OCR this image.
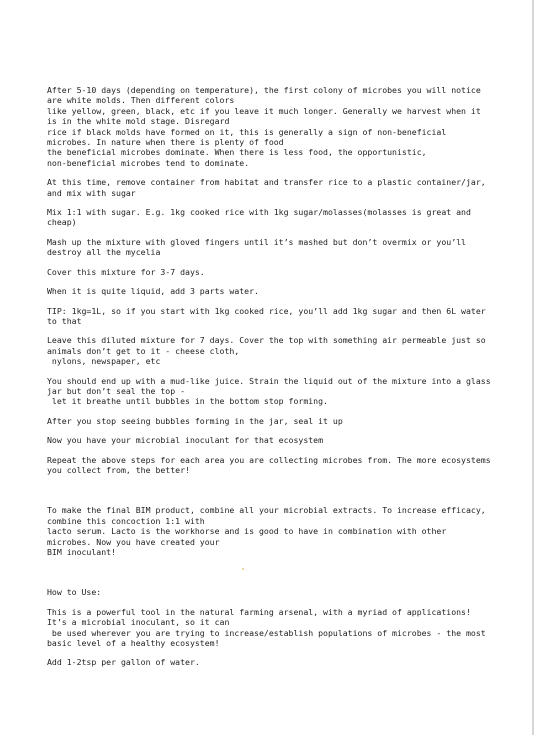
After 5-10 days (depending on temperature), the first colony of microbes you will notice
are white molds. Then different colors
like yellow, green, black, etc if you leave it much longer. Generally we harvest when it
is in the white mold stage. Disregard
rice if black molds have formed on it, this is generally a sign of non-beneficial
microbes. In nature when there is plenty of food
the beneficial microbes dominate. When there is less food, the opportunistic,
non-beneficial microbes tend to dominate.

At this time, remove container from habitat and transfer rice to a plastic container/jar,
and mix with sugar

Mix 1:1 with sugar. E.g. 1kg cooked rice with 1kg sugar/molasses(molasses is great and
cheap)

Mash up the mixture with gloved fingers until it’s mashed but don’t overmix or you’ll
destroy all the mycelia

Cover this mixture for 3-7 days.

When it is quite liquid, add 3 parts water.

TIP: 1kg=1L, so if you start with 1kg cooked rice, you’ll add 1kg sugar and then 6L water
to that

Leave this diluted mixture for 7 days. Cover the top with something air permeable just so
animals don’t get to it - cheese cloth,
nylons, newspaper, etc

You should end up with a mud-like juice. Strain the liquid out of the mixture into a glass
jar but don’t seal the top -
let it breathe until bubbles in the bottom stop forming.

After you stop seeing bubbles forming in the jar, seal it up

Now you have your microbial inoculant for that ecosystem

Repeat the above steps for each area you are collecting microbes from. The more ecosystems
you collect from, the better!

To make the final BIM product, combine all your microbial extracts. To increase efficacy,
combine this concoction 1:1 with
lacto serum. Lacto is the workhorse and is good to have in combination with other
microbes. Now you have created your
BIM inoculant!

How to Use:

This is a powerful tool in the natural farming arsenal, with a myriad of applications!
It’s a microbial inoculant, so it can
be used wherever you are trying to increase/establish populations of microbes - the most
basic level of a healthy ecosystem!

Add 1-2tsp per gallon of water.
